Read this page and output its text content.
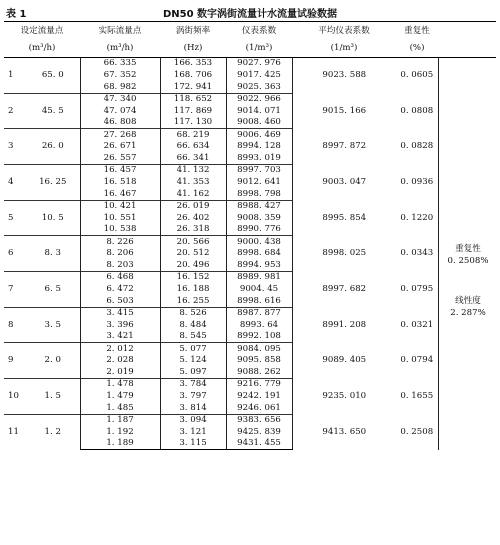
表 1	DN50 数字涡街流量计水流量试验数据
设定流量点		实际流量点	涡街频率	仪表系数	平均仪表系数	重复性	
(m³/h)		(m³/h)	(Hz)	(1/m³)	(1/m³)	(%)	
1	65. 0	66. 335	166. 353	9027. 976	9023. 588	0. 0605	
		67. 352	168. 706	9017. 425			
		68. 982	172. 941	9025. 363			
2	45. 5	47. 340	118. 652	9022. 966	9015. 166	0. 0808	
		47. 074	117. 869	9014. 071			
		46. 808	117. 130	9008. 460			
3	26. 0	27. 268	68. 219	9006. 469	8997. 872	0. 0828	
		26. 671	66. 634	8994. 128			
		26. 557	66. 341	8993. 019			
4	16. 25	16. 457	41. 132	8997. 703	9003. 047	0. 0936	
		16. 518	41. 353	9012. 641			
		16. 467	41. 162	8998. 798			
5	10. 5	10. 421	26. 019	8988. 427	8995. 854	0. 1220	
		10. 551	26. 402	9008. 359			
		10. 538	26. 318	8990. 776			
6	8. 3	8. 226	20. 566	9000. 438	8998. 025	0. 0343	
		8. 206	20. 512	8998. 684			
		8. 203	20. 496	8994. 953			
7	6. 5	6. 468	16. 152	8989. 981	8997. 682	0. 0795	
		6. 472	16. 188	9004. 45			
		6. 503	16. 255	8998. 616			
8	3. 5	3. 415	8. 526	8987. 877	8991. 208	0. 0321	
		3. 396	8. 484	8993. 64			
		3. 421	8. 545	8992. 108			
9	2. 0	2. 012	5. 077	9084. 095	9089. 405	0. 0794	
		2. 028	5. 124	9095. 858			
		2. 019	5. 097	9088. 262			
10	1. 5	1. 478	3. 784	9216. 779	9235. 010	0. 1655	
		1. 479	3. 797	9242. 191			
		1. 485	3. 814	9246. 061			
11	1. 2	1. 187	3. 094	9383. 656	9413. 650	0. 2508	
		1. 192	3. 121	9425. 839			
		1. 189	3. 115	9431. 455			
重复性
0. 2508%
线性度
2. 287%
